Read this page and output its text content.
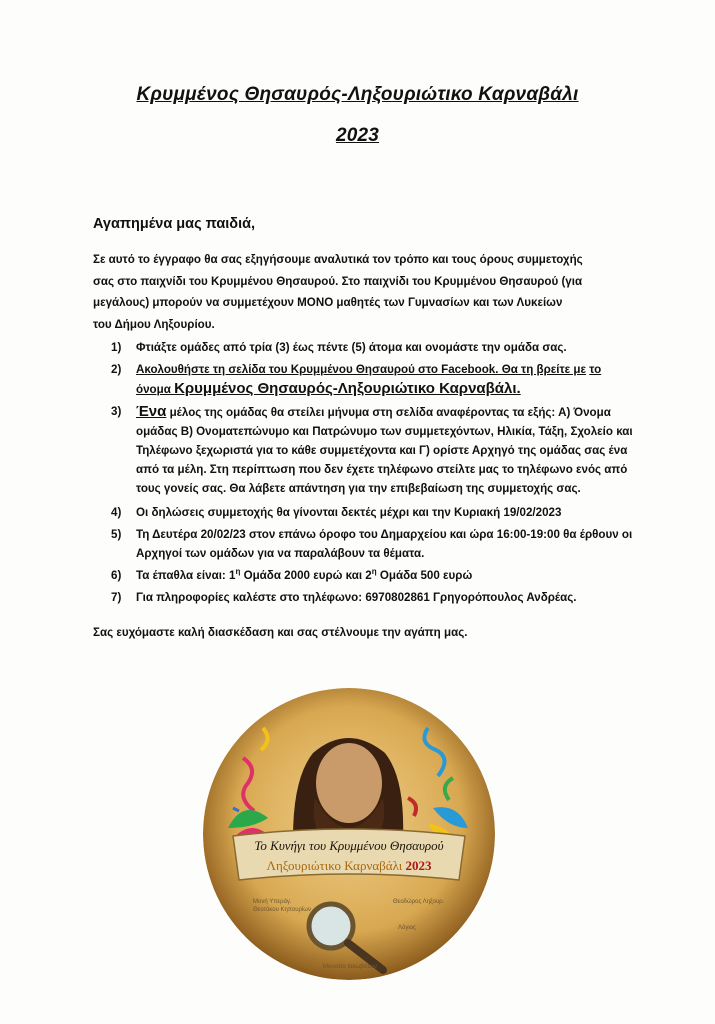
Κρυμμένος Θησαυρός-Ληξουριώτικο Καρναβάλι
2023
Αγαπημένα μας παιδιά,
Σε αυτό το έγγραφο θα σας εξηγήσουμε αναλυτικά τον τρόπο και τους όρους συμμετοχής
σας στο παιχνίδι του Κρυμμένου Θησαυρού. Στο παιχνίδι του Κρυμμένου Θησαυρού (για
μεγάλους) μπορούν να συμμετέχουν ΜΟΝΟ μαθητές των Γυμνασίων και των Λυκείων
του Δήμου Ληξουρίου.
1) Φτιάξτε ομάδες από τρία (3) έως πέντε (5) άτομα και ονομάστε την ομάδα σας.
2) Ακολουθήστε τη σελίδα του Κρυμμένου Θησαυρού στο Facebook. Θα τη βρείτε με το όνομα Κρυμμένος Θησαυρός-Ληξουριώτικο Καρναβάλι.
3) Ένα μέλος της ομάδας θα στείλει μήνυμα στη σελίδα αναφέροντας τα εξής: Α) Όνομα ομάδας Β) Ονοματεπώνυμο και Πατρώνυμο των συμμετεχόντων, Ηλικία, Τάξη, Σχολείο και Τηλέφωνο ξεχωριστά για το κάθε συμμετέχοντα και Γ) ορίστε Αρχηγό της ομάδας σας ένα από τα μέλη. Στη περίπτωση που δεν έχετε τηλέφωνο στείλτε μας το τηλέφωνο ενός από τους γονείς σας. Θα λάβετε απάντηση για την επιβεβαίωση της συμμετοχής σας.
4) Οι δηλώσεις συμμετοχής θα γίνονται δεκτές μέχρι και την Κυριακή 19/02/2023
5) Τη Δευτέρα 20/02/23 στον επάνω όροφο του Δημαρχείου και ώρα 16:00-19:00 θα έρθουν οι Αρχηγοί των ομάδων για να παραλάβουν τα θέματα.
6) Τα έπαθλα είναι: $1^\eta$ Ομάδα 2000 ευρώ και $2^\eta$ Ομάδα 500 ευρώ
7) Για πληροφορίες καλέστε στο τηλέφωνο: 6970802861 Γρηγορόπουλος Ανδρέας.
Σας ευχόμαστε καλή διασκέδαση και σας στέλνουμε την αγάπη μας.
Το Κυνήγι του Κρυμμένου Θησαυρού
Ληξουριώτικο Καρναβάλι 2023
Μονή Υπεράγ. Θεοτόκου Κηπουρίων
Θεοδώρος Ληξουρ.
Λόγιος
Μουσείο Ιακωβάτων
